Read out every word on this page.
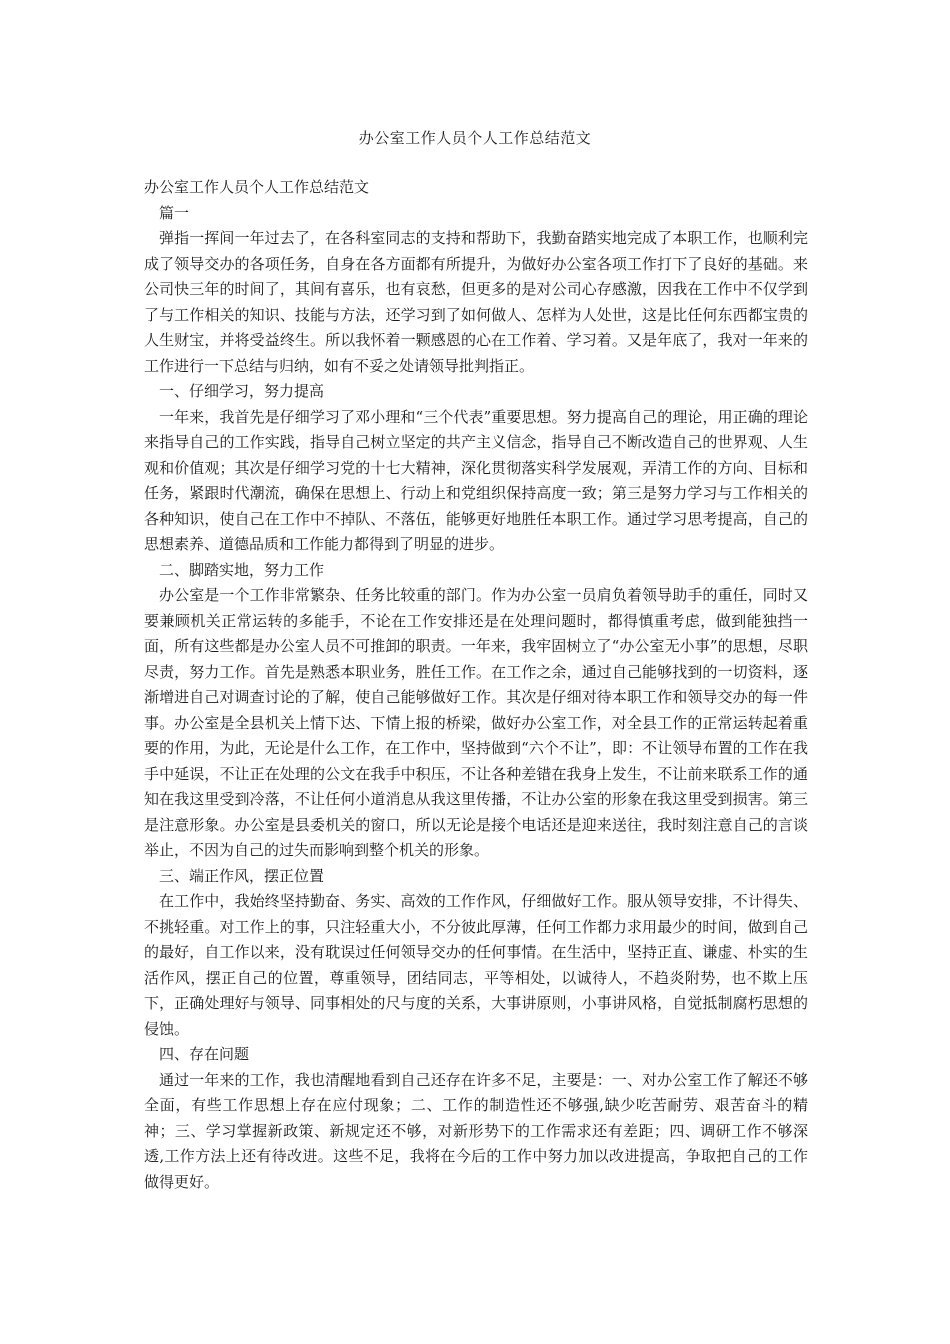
办公室工作人员个人工作总结范文

办公室工作人员个人工作总结范文

篇一

弹指一挥间一年过去了，在各科室同志的支持和帮助下，我勤奋踏实地完成了本职工作，也顺利完成了领导交办的各项任务，自身在各方面都有所提升，为做好办公室各项工作打下了良好的基础。来公司快三年的时间了，其间有喜乐，也有哀愁，但更多的是对公司心存感激，因我在工作中不仅学到了与工作相关的知识、技能与方法，还学习到了如何做人、怎样为人处世，这是比任何东西都宝贵的人生财宝，并将受益终生。所以我怀着一颗感恩的心在工作着、学习着。又是年底了，我对一年来的工作进行一下总结与归纳，如有不妥之处请领导批判指正。

一、仔细学习，努力提高

一年来，我首先是仔细学习了邓小理和“三个代表”重要思想。努力提高自己的理论，用正确的理论来指导自己的工作实践，指导自己树立坚定的共产主义信念，指导自己不断改造自己的世界观、人生观和价值观；其次是仔细学习党的十七大精神，深化贯彻落实科学发展观，弄清工作的方向、目标和任务，紧跟时代潮流，确保在思想上、行动上和党组织保持高度一致；第三是努力学习与工作相关的各种知识，使自己在工作中不掉队、不落伍，能够更好地胜任本职工作。通过学习思考提高，自己的思想素养、道德品质和工作能力都得到了明显的进步。

二、脚踏实地，努力工作

办公室是一个工作非常繁杂、任务比较重的部门。作为办公室一员肩负着领导助手的重任，同时又要兼顾机关正常运转的多能手，不论在工作安排还是在处理问题时，都得慎重考虑，做到能独挡一面，所有这些都是办公室人员不可推卸的职责。一年来，我牢固树立了“办公室无小事”的思想，尽职尽责，努力工作。首先是熟悉本职业务，胜任工作。在工作之余，通过自己能够找到的一切资料，逐渐增进自己对调查讨论的了解，使自己能够做好工作。其次是仔细对待本职工作和领导交办的每一件事。办公室是全县机关上情下达、下情上报的桥梁，做好办公室工作，对全县工作的正常运转起着重要的作用，为此，无论是什么工作，在工作中，坚持做到“六个不让”，即：不让领导布置的工作在我手中延误，不让正在处理的公文在我手中积压，不让各种差错在我身上发生，不让前来联系工作的通知在我这里受到冷落，不让任何小道消息从我这里传播，不让办公室的形象在我这里受到损害。第三是注意形象。办公室是县委机关的窗口，所以无论是接个电话还是迎来送往，我时刻注意自己的言谈举止，不因为自己的过失而影响到整个机关的形象。

三、端正作风，摆正位置

在工作中，我始终坚持勤奋、务实、高效的工作作风，仔细做好工作。服从领导安排，不计得失、不挑轻重。对工作上的事，只注轻重大小，不分彼此厚薄，任何工作都力求用最少的时间，做到自己的最好，自工作以来，没有耽误过任何领导交办的任何事情。在生活中，坚持正直、谦虚、朴实的生活作风，摆正自己的位置，尊重领导，团结同志，平等相处，以诚待人，不趋炎附势，也不欺上压下，正确处理好与领导、同事相处的尺与度的关系，大事讲原则，小事讲风格，自觉抵制腐朽思想的侵蚀。

四、存在问题

通过一年来的工作，我也清醒地看到自己还存在许多不足，主要是：一、对办公室工作了解还不够全面，有些工作思想上存在应付现象；二、工作的制造性还不够强,缺少吃苦耐劳、艰苦奋斗的精神；三、学习掌握新政策、新规定还不够，对新形势下的工作需求还有差距；四、调研工作不够深透,工作方法上还有待改进。这些不足，我将在今后的工作中努力加以改进提高，争取把自己的工作做得更好。
